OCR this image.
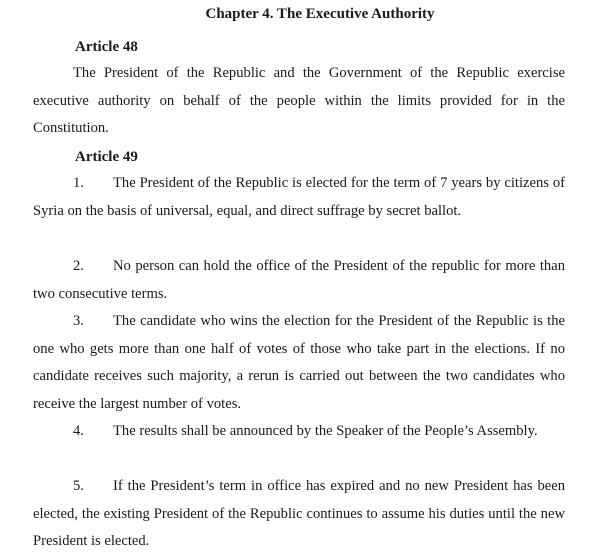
Chapter 4. The Executive Authority
Article 48
The President of the Republic and the Government of the Republic exercise executive authority on behalf of the people within the limits provided for in the Constitution.
Article 49
1. The President of the Republic is elected for the term of 7 years by citizens of Syria on the basis of universal, equal, and direct suffrage by secret ballot.
2. No person can hold the office of the President of the republic for more than two consecutive terms.
3. The candidate who wins the election for the President of the Republic is the one who gets more than one half of votes of those who take part in the elections. If no candidate receives such majority, a rerun is carried out between the two candidates who receive the largest number of votes.
4. The results shall be announced by the Speaker of the People’s Assembly.
5. If the President’s term in office has expired and no new President has been elected, the existing President of the Republic continues to assume his duties until the new President is elected.
